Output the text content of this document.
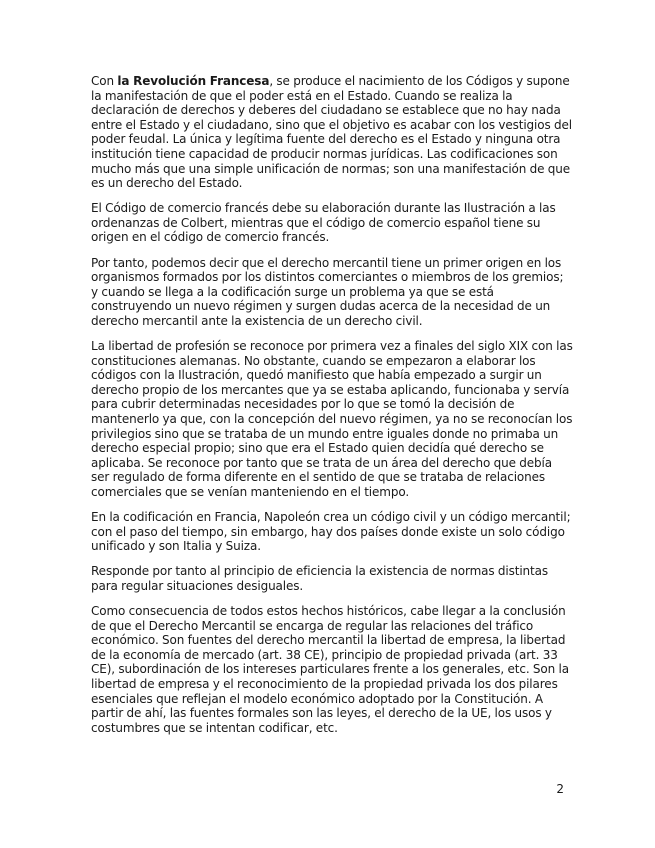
Con la Revolución Francesa, se produce el nacimiento de los Códigos y supone la manifestación de que el poder está en el Estado. Cuando se realiza la declaración de derechos y deberes del ciudadano se establece que no hay nada entre el Estado y el ciudadano, sino que el objetivo es acabar con los vestigios del poder feudal. La única y legítima fuente del derecho es el Estado y ninguna otra institución tiene capacidad de producir normas jurídicas. Las codificaciones son mucho más que una simple unificación de normas; son una manifestación de que es un derecho del Estado.

El Código de comercio francés debe su elaboración durante las Ilustración a las ordenanzas de Colbert, mientras que el código de comercio español tiene su origen en el código de comercio francés.

Por tanto, podemos decir que el derecho mercantil tiene un primer origen en los organismos formados por los distintos comerciantes o miembros de los gremios; y cuando se llega a la codificación surge un problema ya que se está construyendo un nuevo régimen y surgen dudas acerca de la necesidad de un derecho mercantil ante la existencia de un derecho civil.

La libertad de profesión se reconoce por primera vez a finales del siglo XIX con las constituciones alemanas. No obstante, cuando se empezaron a elaborar los códigos con la Ilustración, quedó manifiesto que había empezado a surgir un derecho propio de los mercantes que ya se estaba aplicando, funcionaba y servía para cubrir determinadas necesidades por lo que se tomó la decisión de mantenerlo ya que, con la concepción del nuevo régimen, ya no se reconocían los privilegios sino que se trataba de un mundo entre iguales donde no primaba un derecho especial propio; sino que era el Estado quien decidía qué derecho se aplicaba. Se reconoce por tanto que se trata de un área del derecho que debía ser regulado de forma diferente en el sentido de que se trataba de relaciones comerciales que se venían manteniendo en el tiempo.

En la codificación en Francia, Napoleón crea un código civil y un código mercantil; con el paso del tiempo, sin embargo, hay dos países donde existe un solo código unificado y son Italia y Suiza.

Responde por tanto al principio de eficiencia la existencia de normas distintas para regular situaciones desiguales.

Como consecuencia de todos estos hechos históricos, cabe llegar a la conclusión de que el Derecho Mercantil se encarga de regular las relaciones del tráfico económico. Son fuentes del derecho mercantil la libertad de empresa, la libertad de la economía de mercado (art. 38 CE), principio de propiedad privada (art. 33 CE), subordinación de los intereses particulares frente a los generales, etc. Son la libertad de empresa y el reconocimiento de la propiedad privada los dos pilares esenciales que reflejan el modelo económico adoptado por la Constitución. A partir de ahí, las fuentes formales son las leyes, el derecho de la UE, los usos y costumbres que se intentan codificar, etc.

2
